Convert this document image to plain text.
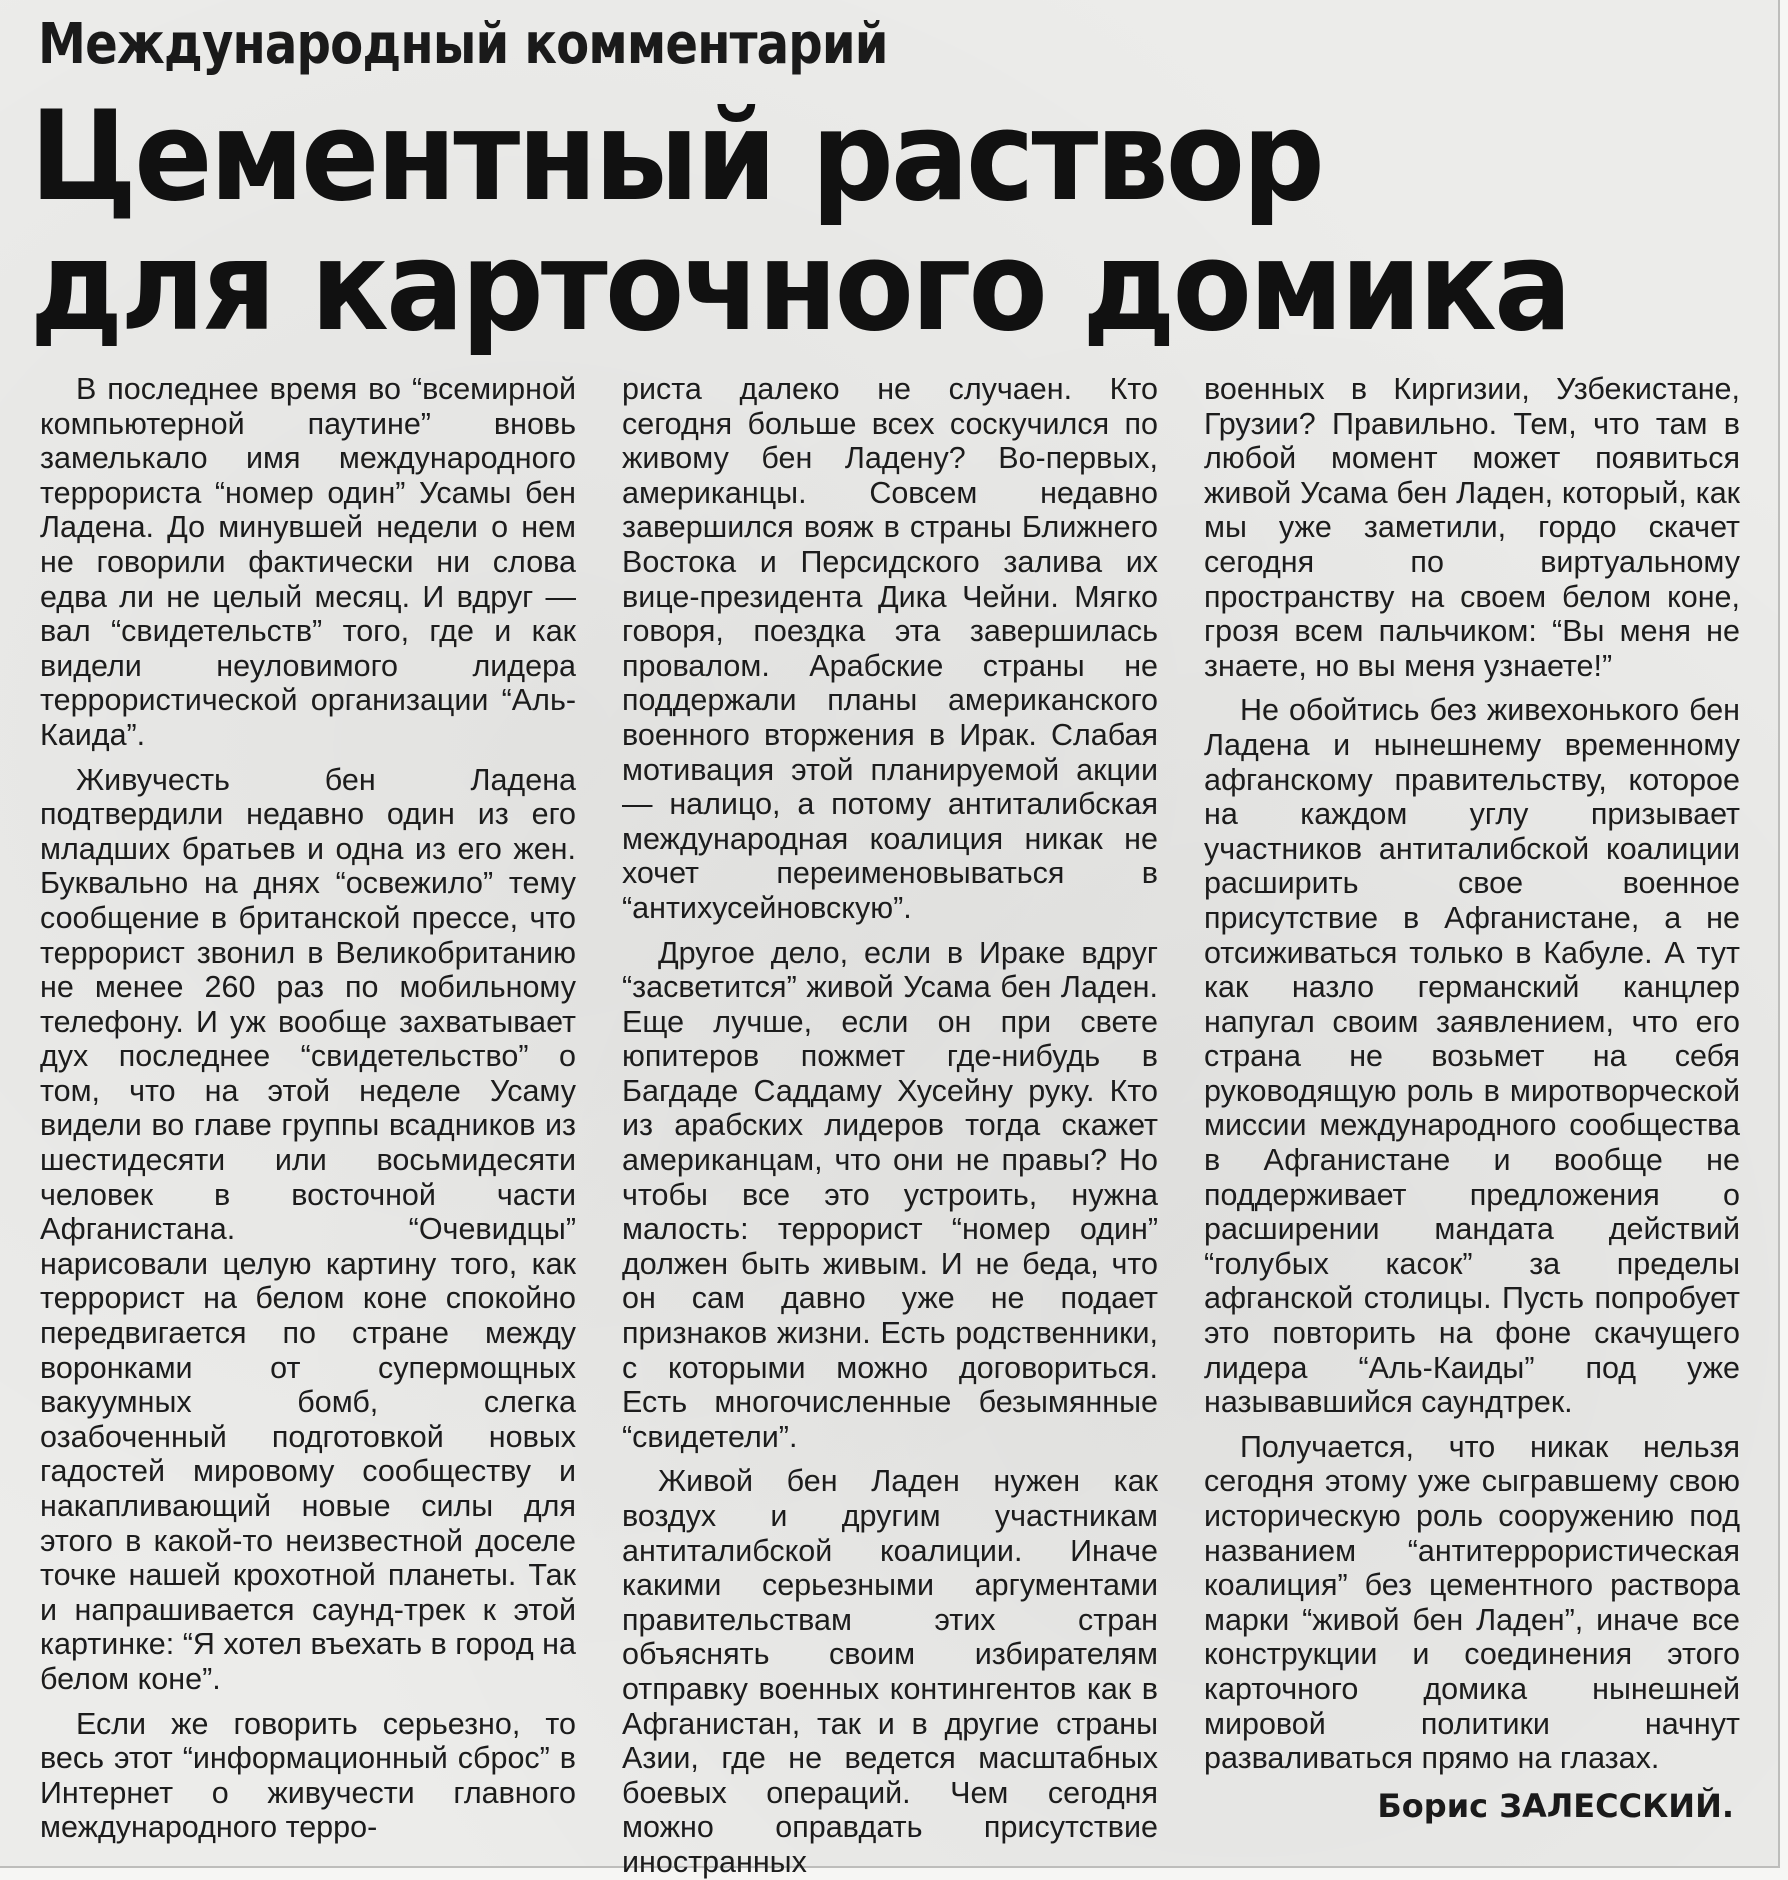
Международный комментарий
Цементный раствор
для карточного домика

В последнее время во “всемирной компьютерной паутине” вновь замелькало имя международного террориста “номер один” Усамы бен Ладена. До минувшей недели о нем не говорили фактически ни слова едва ли не целый месяц. И вдруг — вал “свидетельств” того, где и как видели неуловимого лидера террористической организации “Аль-Каида”.

Живучесть бен Ладена подтвердили недавно один из его младших братьев и одна из его жен. Буквально на днях “освежило” тему сообщение в британской прессе, что террорист звонил в Великобританию не менее 260 раз по мобильному телефону. И уж вообще захватывает дух последнее “свидетельство” о том, что на этой неделе Усаму видели во главе группы всадников из шестидесяти или восьмидесяти человек в восточной части Афганистана. “Очевидцы” нарисовали целую картину того, как террорист на белом коне спокойно передвигается по стране между воронками от супермощных вакуумных бомб, слегка озабоченный подготовкой новых гадостей мировому сообществу и накапливающий новые силы для этого в какой-то неизвестной доселе точке нашей крохотной планеты. Так и напрашивается саунд-трек к этой картинке: “Я хотел въехать в город на белом коне”.

Если же говорить серьезно, то весь этот “информационный сброс” в Интернет о живучести главного международного терро-

риста далеко не случаен. Кто сегодня больше всех соскучился по живому бен Ладену? Во-первых, американцы. Совсем недавно завершился вояж в страны Ближнего Востока и Персидского залива их вице-президента Дика Чейни. Мягко говоря, поездка эта завершилась провалом. Арабские страны не поддержали планы американского военного вторжения в Ирак. Слабая мотивация этой планируемой акции — налицо, а потому антиталибская международная коалиция никак не хочет переименовываться в “антихусейновскую”.

Другое дело, если в Ираке вдруг “засветится” живой Усама бен Ладен. Еще лучше, если он при свете юпитеров пожмет где-нибудь в Багдаде Саддаму Хусейну руку. Кто из арабских лидеров тогда скажет американцам, что они не правы? Но чтобы все это устроить, нужна малость: террорист “номер один” должен быть живым. И не беда, что он сам давно уже не подает признаков жизни. Есть родственники, с которыми можно договориться. Есть многочисленные безымянные “свидетели”.

Живой бен Ладен нужен как воздух и другим участникам антиталибской коалиции. Иначе какими серьезными аргументами правительствам этих стран объяснять своим избирателям отправку военных контингентов как в Афганистан, так и в другие страны Азии, где не ведется масштабных боевых операций. Чем сегодня можно оправдать присутствие иностранных

военных в Киргизии, Узбекистане, Грузии? Правильно. Тем, что там в любой момент может появиться живой Усама бен Ладен, который, как мы уже заметили, гордо скачет сегодня по виртуальному пространству на своем белом коне, грозя всем пальчиком: “Вы меня не знаете, но вы меня узнаете!”

Не обойтись без живехонького бен Ладена и нынешнему временному афганскому правительству, которое на каждом углу призывает участников антиталибской коалиции расширить свое военное присутствие в Афганистане, а не отсиживаться только в Кабуле. А тут как назло германский канцлер напугал своим заявлением, что его страна не возьмет на себя руководящую роль в миротворческой миссии международного сообщества в Афганистане и вообще не поддерживает предложения о расширении мандата действий “голубых касок” за пределы афганской столицы. Пусть попробует это повторить на фоне скачущего лидера “Аль-Каиды” под уже называвшийся саундтрек.

Получается, что никак нельзя сегодня этому уже сыгравшему свою историческую роль сооружению под названием “антитеррористическая коалиция” без цементного раствора марки “живой бен Ладен”, иначе все конструкции и соединения этого карточного домика нынешней мировой политики начнут разваливаться прямо на глазах.

Борис ЗАЛЕССКИЙ.
